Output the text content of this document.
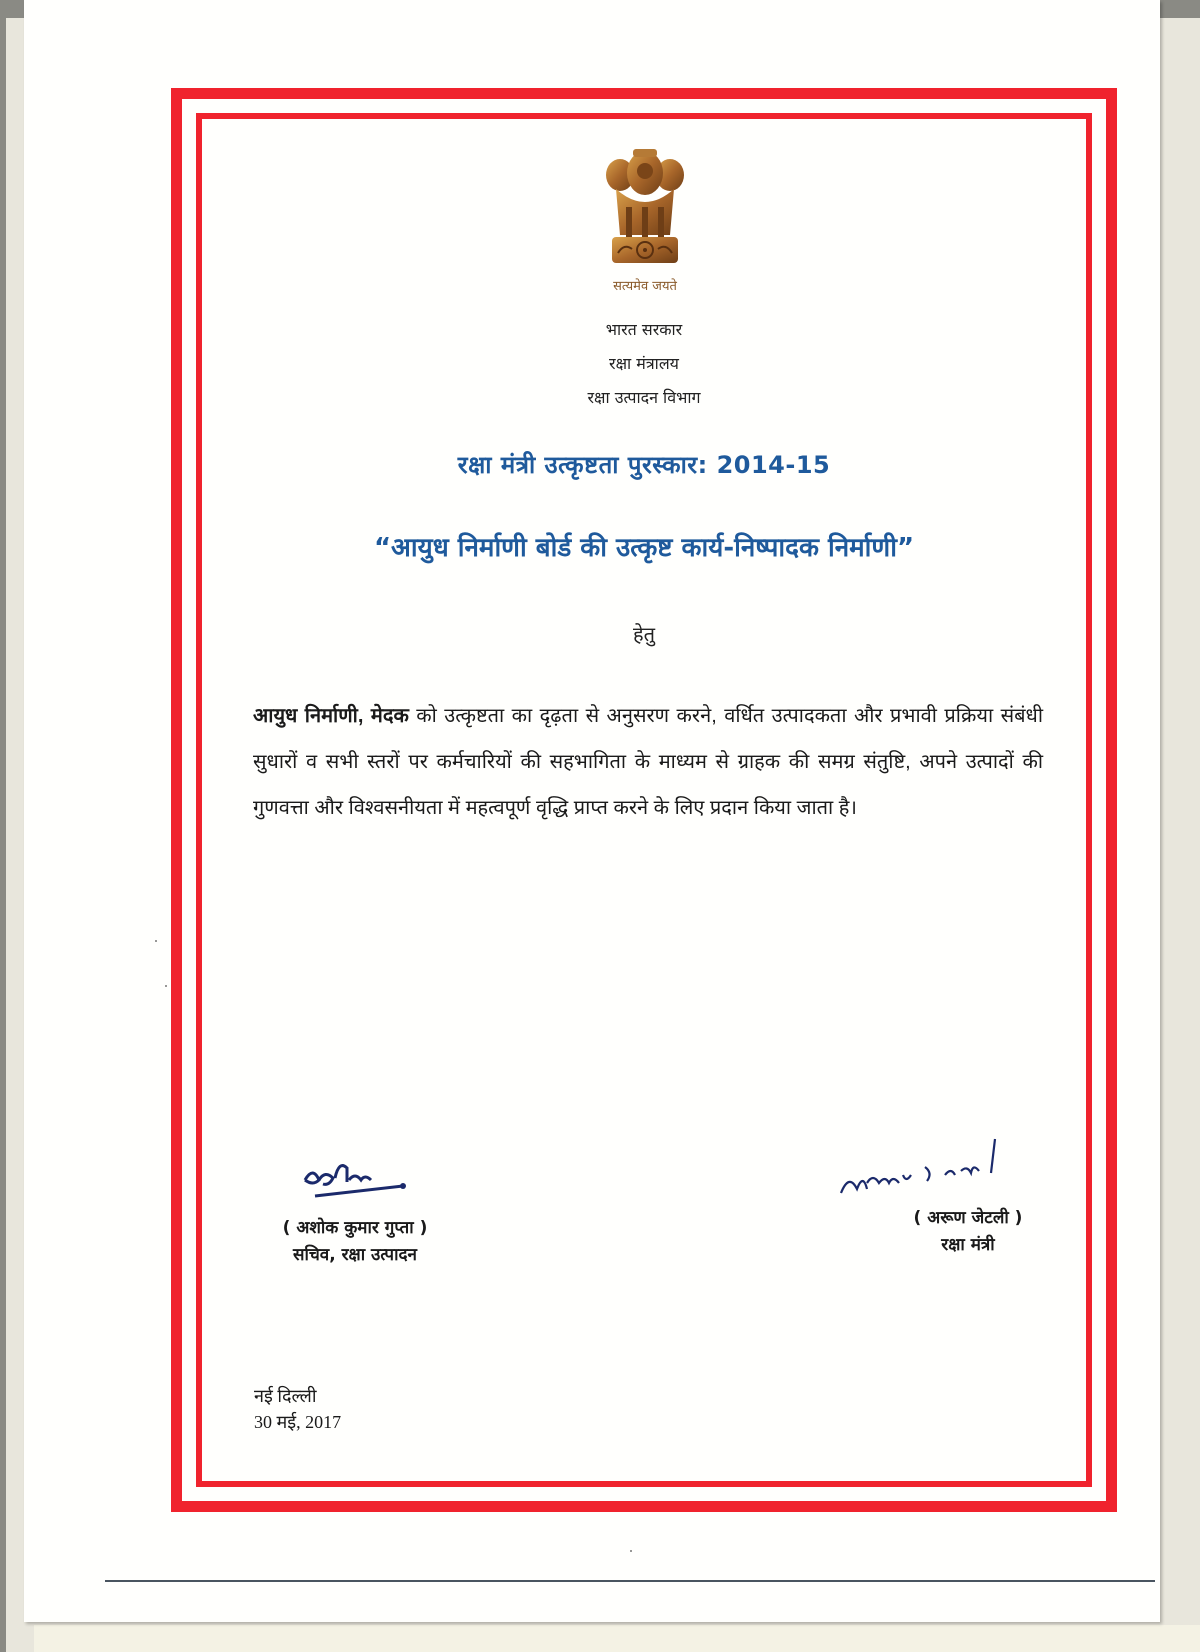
सत्यमेव जयते
भारत सरकार
रक्षा मंत्रालय
रक्षा उत्पादन विभाग
रक्षा मंत्री उत्कृष्टता पुरस्कार: 2014-15
“आयुध निर्माणी बोर्ड की उत्कृष्ट कार्य-निष्पादक निर्माणी”
हेतु
आयुध निर्माणी, मेदक को उत्कृष्टता का दृढ़ता से अनुसरण करने, वर्धित उत्पादकता और प्रभावी प्रक्रिया संबंधी सुधारों व सभी स्तरों पर कर्मचारियों की सहभागिता के माध्यम से ग्राहक की समग्र संतुष्टि, अपने उत्पादों की गुणवत्ता और विश्वसनीयता में महत्वपूर्ण वृद्धि प्राप्त करने के लिए प्रदान किया जाता है।
( अशोक कुमार गुप्ता )
सचिव, रक्षा उत्पादन
( अरूण जेटली )
रक्षा मंत्री
नई दिल्ली
30 मई, 2017
